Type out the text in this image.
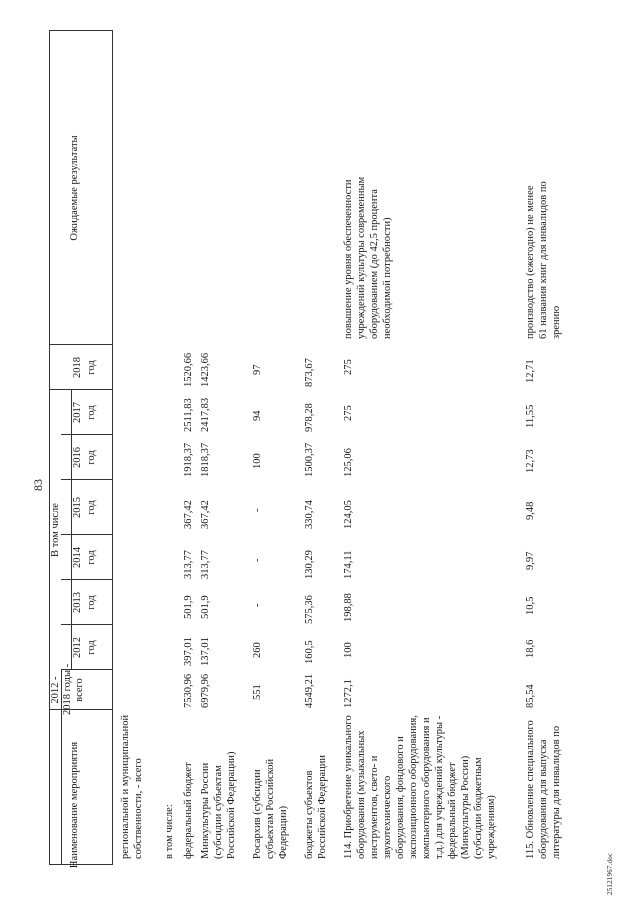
83
Наименование мероприятия
2012 - 2018 годы - всего
В том числе
Ожидаемые результаты
2012
2013
2014
2015
2016
2017
2018
год
год
год
год
год
год
год
региональной и муниципальной собственности, - всего в том числе: федеральный бюджет
7530,96
397,01
501,9
313,77
367,42
1918,37
2511,83
1520,66
Минкультуры России (субсидии субъектам Российской Федерации)
6979,96
137,01
501,9
313,77
367,42
1818,37
2417,83
1423,66
Росархив (субсидии субъектам Российской Федерации)
551
260
-
-
-
100
94
97
бюджеты субъектов Российской Федерации
4549,21
160,5
575,36
130,29
330,74
1500,37
978,28
873,67
114. Приобретение уникального оборудования (музыкальных инструментов, свето- и звукотехнического оборудования, фондового и экспозиционного оборудования, компьютерного оборудования и т.д.) для учреждений культуры - федеральный бюджет (Минкультуры России) (субсидии бюджетным учреждениям)
1272,1
100
198,88
174,11
124,05
125,06
275
275
повышение уровня обеспеченности учреждений культуры современным оборудованием (до 42,5 процента необходимой потребности)
115. Обновление специального оборудования для выпуска литературы для инвалидов по
85,54
18,6
10,5
9,97
9,48
12,73
11,55
12,71
производство (ежегодно) не менее 61 названия книг для инвалидов по зрению
25121967.doc
